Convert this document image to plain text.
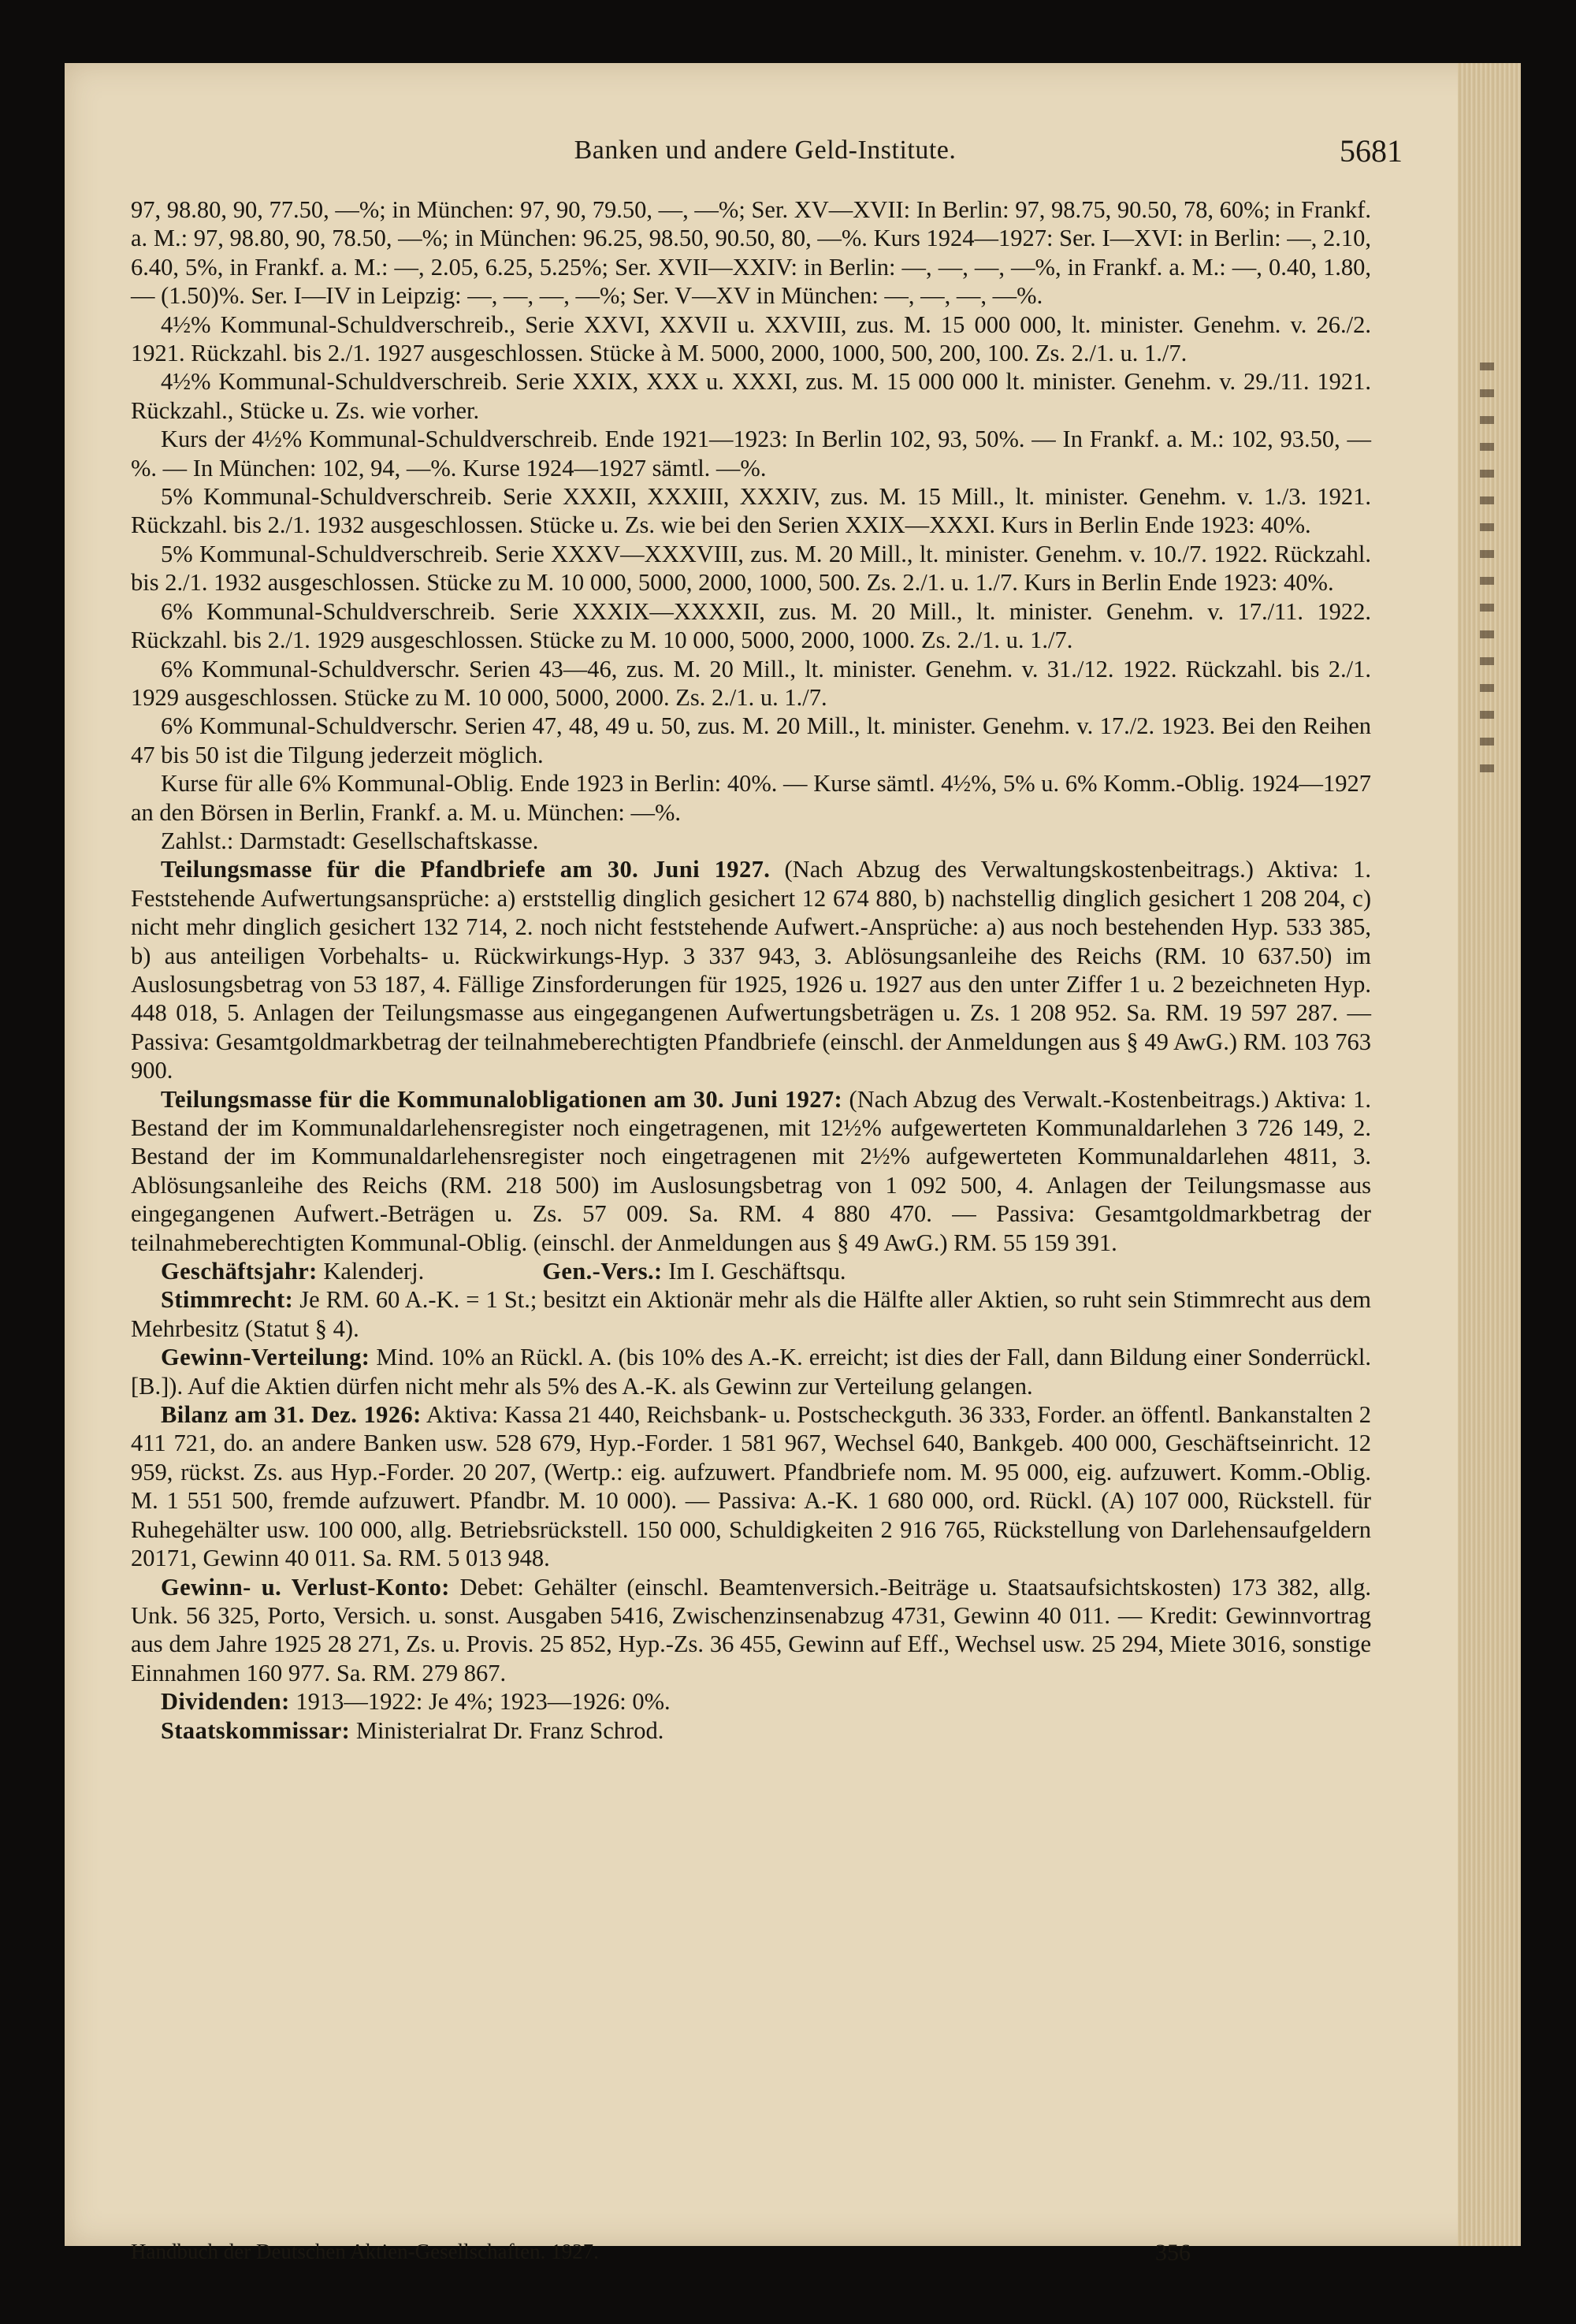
Banken und andere Geld-Institute.	5681

97, 98.80, 90, 77.50, —%; in München: 97, 90, 79.50, —, —%; Ser. XV—XVII: In Berlin: 97, 98.75, 90.50, 78, 60%; in Frankf. a. M.: 97, 98.80, 90, 78.50, —%; in München: 96.25, 98.50, 90.50, 80, —%. Kurs 1924—1927: Ser. I—XVI: in Berlin: —, 2.10, 6.40, 5%, in Frankf. a. M.: —, 2.05, 6.25, 5.25%; Ser. XVII—XXIV: in Berlin: —, —, —, —%, in Frankf. a. M.: —, 0.40, 1.80, — (1.50)%. Ser. I—IV in Leipzig: —, —, —, —%; Ser. V—XV in München: —, —, —, —%.

4½% Kommunal-Schuldverschreib., Serie XXVI, XXVII u. XXVIII, zus. M. 15 000 000, lt. minister. Genehm. v. 26./2. 1921. Rückzahl. bis 2./1. 1927 ausgeschlossen. Stücke à M. 5000, 2000, 1000, 500, 200, 100. Zs. 2./1. u. 1./7.

4½% Kommunal-Schuldverschreib. Serie XXIX, XXX u. XXXI, zus. M. 15 000 000 lt. minister. Genehm. v. 29./11. 1921. Rückzahl., Stücke u. Zs. wie vorher.

Kurs der 4½% Kommunal-Schuldverschreib. Ende 1921—1923: In Berlin 102, 93, 50%. — In Frankf. a. M.: 102, 93.50, —%. — In München: 102, 94, —%. Kurse 1924—1927 sämtl. —%.

5% Kommunal-Schuldverschreib. Serie XXXII, XXXIII, XXXIV, zus. M. 15 Mill., lt. minister. Genehm. v. 1./3. 1921. Rückzahl. bis 2./1. 1932 ausgeschlossen. Stücke u. Zs. wie bei den Serien XXIX—XXXI. Kurs in Berlin Ende 1923: 40%.

5% Kommunal-Schuldverschreib. Serie XXXV—XXXVIII, zus. M. 20 Mill., lt. minister. Genehm. v. 10./7. 1922. Rückzahl. bis 2./1. 1932 ausgeschlossen. Stücke zu M. 10 000, 5000, 2000, 1000, 500. Zs. 2./1. u. 1./7. Kurs in Berlin Ende 1923: 40%.

6% Kommunal-Schuldverschreib. Serie XXXIX—XXXXII, zus. M. 20 Mill., lt. minister. Genehm. v. 17./11. 1922. Rückzahl. bis 2./1. 1929 ausgeschlossen. Stücke zu M. 10 000, 5000, 2000, 1000. Zs. 2./1. u. 1./7.

6% Kommunal-Schuldverschr. Serien 43—46, zus. M. 20 Mill., lt. minister. Genehm. v. 31./12. 1922. Rückzahl. bis 2./1. 1929 ausgeschlossen. Stücke zu M. 10 000, 5000, 2000. Zs. 2./1. u. 1./7.

6% Kommunal-Schuldverschr. Serien 47, 48, 49 u. 50, zus. M. 20 Mill., lt. minister. Genehm. v. 17./2. 1923. Bei den Reihen 47 bis 50 ist die Tilgung jederzeit möglich.

Kurse für alle 6% Kommunal-Oblig. Ende 1923 in Berlin: 40%. — Kurse sämtl. 4½%, 5% u. 6% Komm.-Oblig. 1924—1927 an den Börsen in Berlin, Frankf. a. M. u. München: —%.

Zahlst.: Darmstadt: Gesellschaftskasse.

Teilungsmasse für die Pfandbriefe am 30. Juni 1927. (Nach Abzug des Verwaltungskostenbeitrags.) Aktiva: 1. Feststehende Aufwertungsansprüche: a) erststellig dinglich gesichert 12 674 880, b) nachstellig dinglich gesichert 1 208 204, c) nicht mehr dinglich gesichert 132 714, 2. noch nicht feststehende Aufwert.-Ansprüche: a) aus noch bestehenden Hyp. 533 385, b) aus anteiligen Vorbehalts- u. Rückwirkungs-Hyp. 3 337 943, 3. Ablösungsanleihe des Reichs (RM. 10 637.50) im Auslosungsbetrag von 53 187, 4. Fällige Zinsforderungen für 1925, 1926 u. 1927 aus den unter Ziffer 1 u. 2 bezeichneten Hyp. 448 018, 5. Anlagen der Teilungsmasse aus eingegangenen Aufwertungsbeträgen u. Zs. 1 208 952. Sa. RM. 19 597 287. — Passiva: Gesamtgoldmarkbetrag der teilnahmeberechtigten Pfandbriefe (einschl. der Anmeldungen aus § 49 AwG.) RM. 103 763 900.

Teilungsmasse für die Kommunalobligationen am 30. Juni 1927: (Nach Abzug des Verwalt.-Kostenbeitrags.) Aktiva: 1. Bestand der im Kommunaldarlehensregister noch eingetragenen, mit 12½% aufgewerteten Kommunaldarlehen 3 726 149, 2. Bestand der im Kommunaldarlehensregister noch eingetragenen mit 2½% aufgewerteten Kommunaldarlehen 4811, 3. Ablösungsanleihe des Reichs (RM. 218 500) im Auslosungsbetrag von 1 092 500, 4. Anlagen der Teilungsmasse aus eingegangenen Aufwert.-Beträgen u. Zs. 57 009. Sa. RM. 4 880 470. — Passiva: Gesamtgoldmarkbetrag der teilnahmeberechtigten Kommunal-Oblig. (einschl. der Anmeldungen aus § 49 AwG.) RM. 55 159 391.

Geschäftsjahr: Kalenderj.	Gen.-Vers.: Im I. Geschäftsqu.

Stimmrecht: Je RM. 60 A.-K. = 1 St.; besitzt ein Aktionär mehr als die Hälfte aller Aktien, so ruht sein Stimmrecht aus dem Mehrbesitz (Statut § 4).

Gewinn-Verteilung: Mind. 10% an Rückl. A. (bis 10% des A.-K. erreicht; ist dies der Fall, dann Bildung einer Sonderrückl. [B.]). Auf die Aktien dürfen nicht mehr als 5% des A.-K. als Gewinn zur Verteilung gelangen.

Bilanz am 31. Dez. 1926: Aktiva: Kassa 21 440, Reichsbank- u. Postscheckguth. 36 333, Forder. an öffentl. Bankanstalten 2 411 721, do. an andere Banken usw. 528 679, Hyp.-Forder. 1 581 967, Wechsel 640, Bankgeb. 400 000, Geschäftseinricht. 12 959, rückst. Zs. aus Hyp.-Forder. 20 207, (Wertp.: eig. aufzuwert. Pfandbriefe nom. M. 95 000, eig. aufzuwert. Komm.-Oblig. M. 1 551 500, fremde aufzuwert. Pfandbr. M. 10 000). — Passiva: A.-K. 1 680 000, ord. Rückl. (A) 107 000, Rückstell. für Ruhegehälter usw. 100 000, allg. Betriebsrückstell. 150 000, Schuldigkeiten 2 916 765, Rückstellung von Darlehensaufgeldern 20171, Gewinn 40 011. Sa. RM. 5 013 948.

Gewinn- u. Verlust-Konto: Debet: Gehälter (einschl. Beamtenversich.-Beiträge u. Staatsaufsichtskosten) 173 382, allg. Unk. 56 325, Porto, Versich. u. sonst. Ausgaben 5416, Zwischenzinsenabzug 4731, Gewinn 40 011. — Kredit: Gewinnvortrag aus dem Jahre 1925 28 271, Zs. u. Provis. 25 852, Hyp.-Zs. 36 455, Gewinn auf Eff., Wechsel usw. 25 294, Miete 3016, sonstige Einnahmen 160 977. Sa. RM. 279 867.

Dividenden: 1913—1922: Je 4%; 1923—1926: 0%.

Staatskommissar: Ministerialrat Dr. Franz Schrod.

Handbuch der Deutschen Aktien-Gesellschaften. 1927.	356
